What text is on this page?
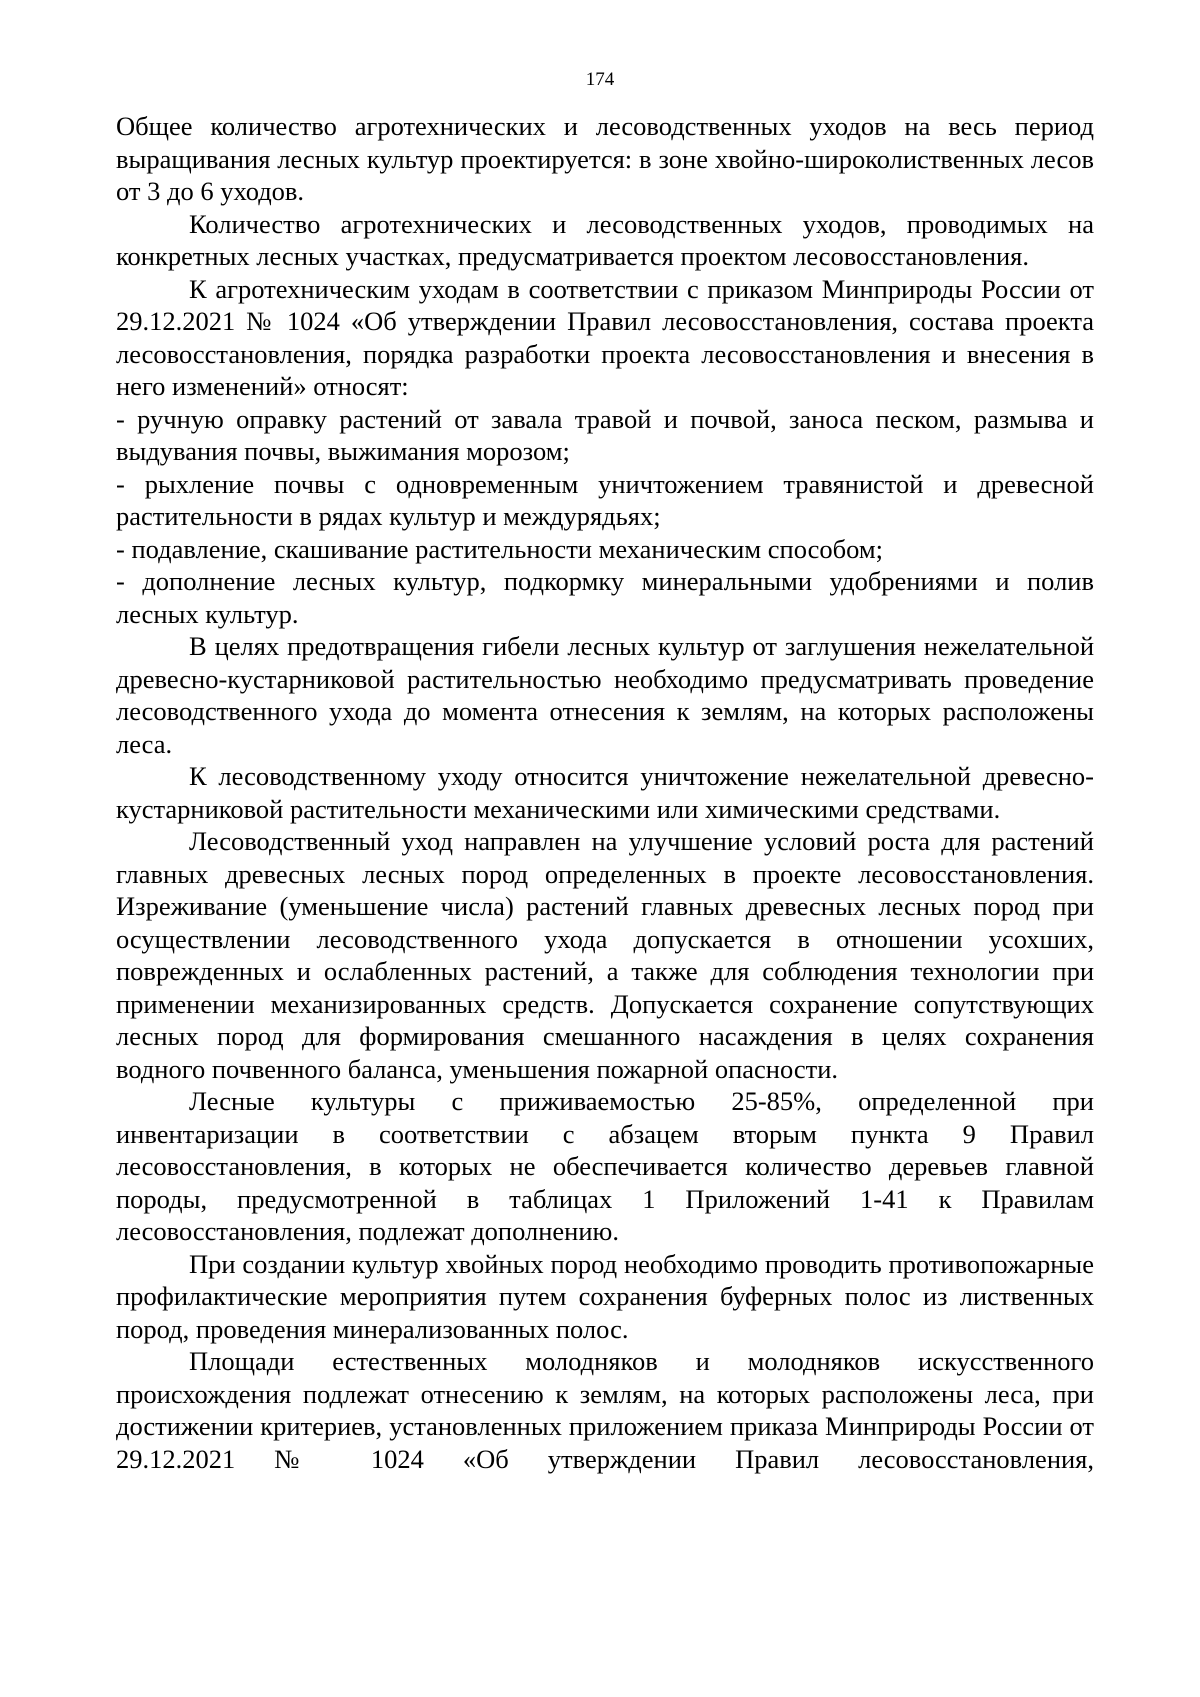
174

Общее количество агротехнических и лесоводственных уходов на весь период выращивания лесных культур проектируется: в зоне хвойно-широколиственных лесов от 3 до 6 уходов.

Количество агротехнических и лесоводственных уходов, проводимых на конкретных лесных участках, предусматривается проектом лесовосстановления.

К агротехническим уходам в соответствии с приказом Минприроды России от 29.12.2021 № 1024 «Об утверждении Правил лесовосстановления, состава проекта лесовосстановления, порядка разработки проекта лесовосстановления и внесения в него изменений» относят:

- ручную оправку растений от завала травой и почвой, заноса песком, размыва и выдувания почвы, выжимания морозом;

- рыхление почвы с одновременным уничтожением травянистой и древесной растительности в рядах культур и междурядьях;

- подавление, скашивание растительности механическим способом;

- дополнение лесных культур, подкормку минеральными удобрениями и полив лесных культур.

В целях предотвращения гибели лесных культур от заглушения нежелательной древесно-кустарниковой растительностью необходимо предусматривать проведение лесоводственного ухода до момента отнесения к землям, на которых расположены леса.

К лесоводственному уходу относится уничтожение нежелательной древесно-кустарниковой растительности механическими или химическими средствами.

Лесоводственный уход направлен на улучшение условий роста для растений главных древесных лесных пород определенных в проекте лесовосстановления. Изреживание (уменьшение числа) растений главных древесных лесных пород при осуществлении лесоводственного ухода допускается в отношении усохших, поврежденных и ослабленных растений, а также для соблюдения технологии при применении механизированных средств. Допускается сохранение сопутствующих лесных пород для формирования смешанного насаждения в целях сохранения водного почвенного баланса, уменьшения пожарной опасности.

Лесные культуры с приживаемостью 25-85%, определенной при инвентаризации в соответствии с абзацем вторым пункта 9 Правил лесовосстановления, в которых не обеспечивается количество деревьев главной породы, предусмотренной в таблицах 1 Приложений 1-41 к Правилам лесовосстановления, подлежат дополнению.

При создании культур хвойных пород необходимо проводить противопожарные профилактические мероприятия путем сохранения буферных полос из лиственных пород, проведения минерализованных полос.

Площади естественных молодняков и молодняков искусственного происхождения подлежат отнесению к землям, на которых расположены леса, при достижении критериев, установленных приложением приказа Минприроды России от 29.12.2021 № 1024 «Об утверждении Правил лесовосстановления,
